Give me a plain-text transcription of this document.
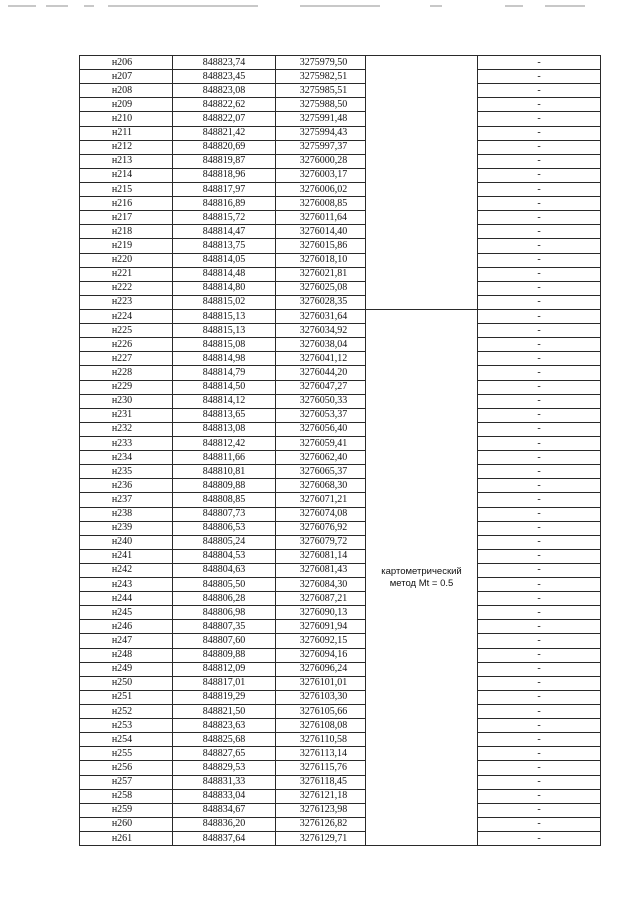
н206	848823,74	3275979,50		-
н207	848823,45	3275982,51		-
н208	848823,08	3275985,51		-
н209	848822,62	3275988,50		-
н210	848822,07	3275991,48		-
н211	848821,42	3275994,43		-
н212	848820,69	3275997,37		-
н213	848819,87	3276000,28		-
н214	848818,96	3276003,17		-
н215	848817,97	3276006,02		-
н216	848816,89	3276008,85		-
н217	848815,72	3276011,64		-
н218	848814,47	3276014,40		-
н219	848813,75	3276015,86		-
н220	848814,05	3276018,10		-
н221	848814,48	3276021,81		-
н222	848814,80	3276025,08		-
н223	848815,02	3276028,35		-
н224	848815,13	3276031,64	картометрический метод Mt = 0.5	-
н225	848815,13	3276034,92		-
н226	848815,08	3276038,04		-
н227	848814,98	3276041,12		-
н228	848814,79	3276044,20		-
н229	848814,50	3276047,27		-
н230	848814,12	3276050,33		-
н231	848813,65	3276053,37		-
н232	848813,08	3276056,40		-
н233	848812,42	3276059,41		-
н234	848811,66	3276062,40		-
н235	848810,81	3276065,37		-
н236	848809,88	3276068,30		-
н237	848808,85	3276071,21		-
н238	848807,73	3276074,08		-
н239	848806,53	3276076,92		-
н240	848805,24	3276079,72		-
н241	848804,53	3276081,14		-
н242	848804,63	3276081,43		-
н243	848805,50	3276084,30		-
н244	848806,28	3276087,21		-
н245	848806,98	3276090,13		-
н246	848807,35	3276091,94		-
н247	848807,60	3276092,15		-
н248	848809,88	3276094,16		-
н249	848812,09	3276096,24		-
н250	848817,01	3276101,01		-
н251	848819,29	3276103,30		-
н252	848821,50	3276105,66		-
н253	848823,63	3276108,08		-
н254	848825,68	3276110,58		-
н255	848827,65	3276113,14		-
н256	848829,53	3276115,76		-
н257	848831,33	3276118,45		-
н258	848833,04	3276121,18		-
н259	848834,67	3276123,98		-
н260	848836,20	3276126,82		-
н261	848837,64	3276129,71		-
